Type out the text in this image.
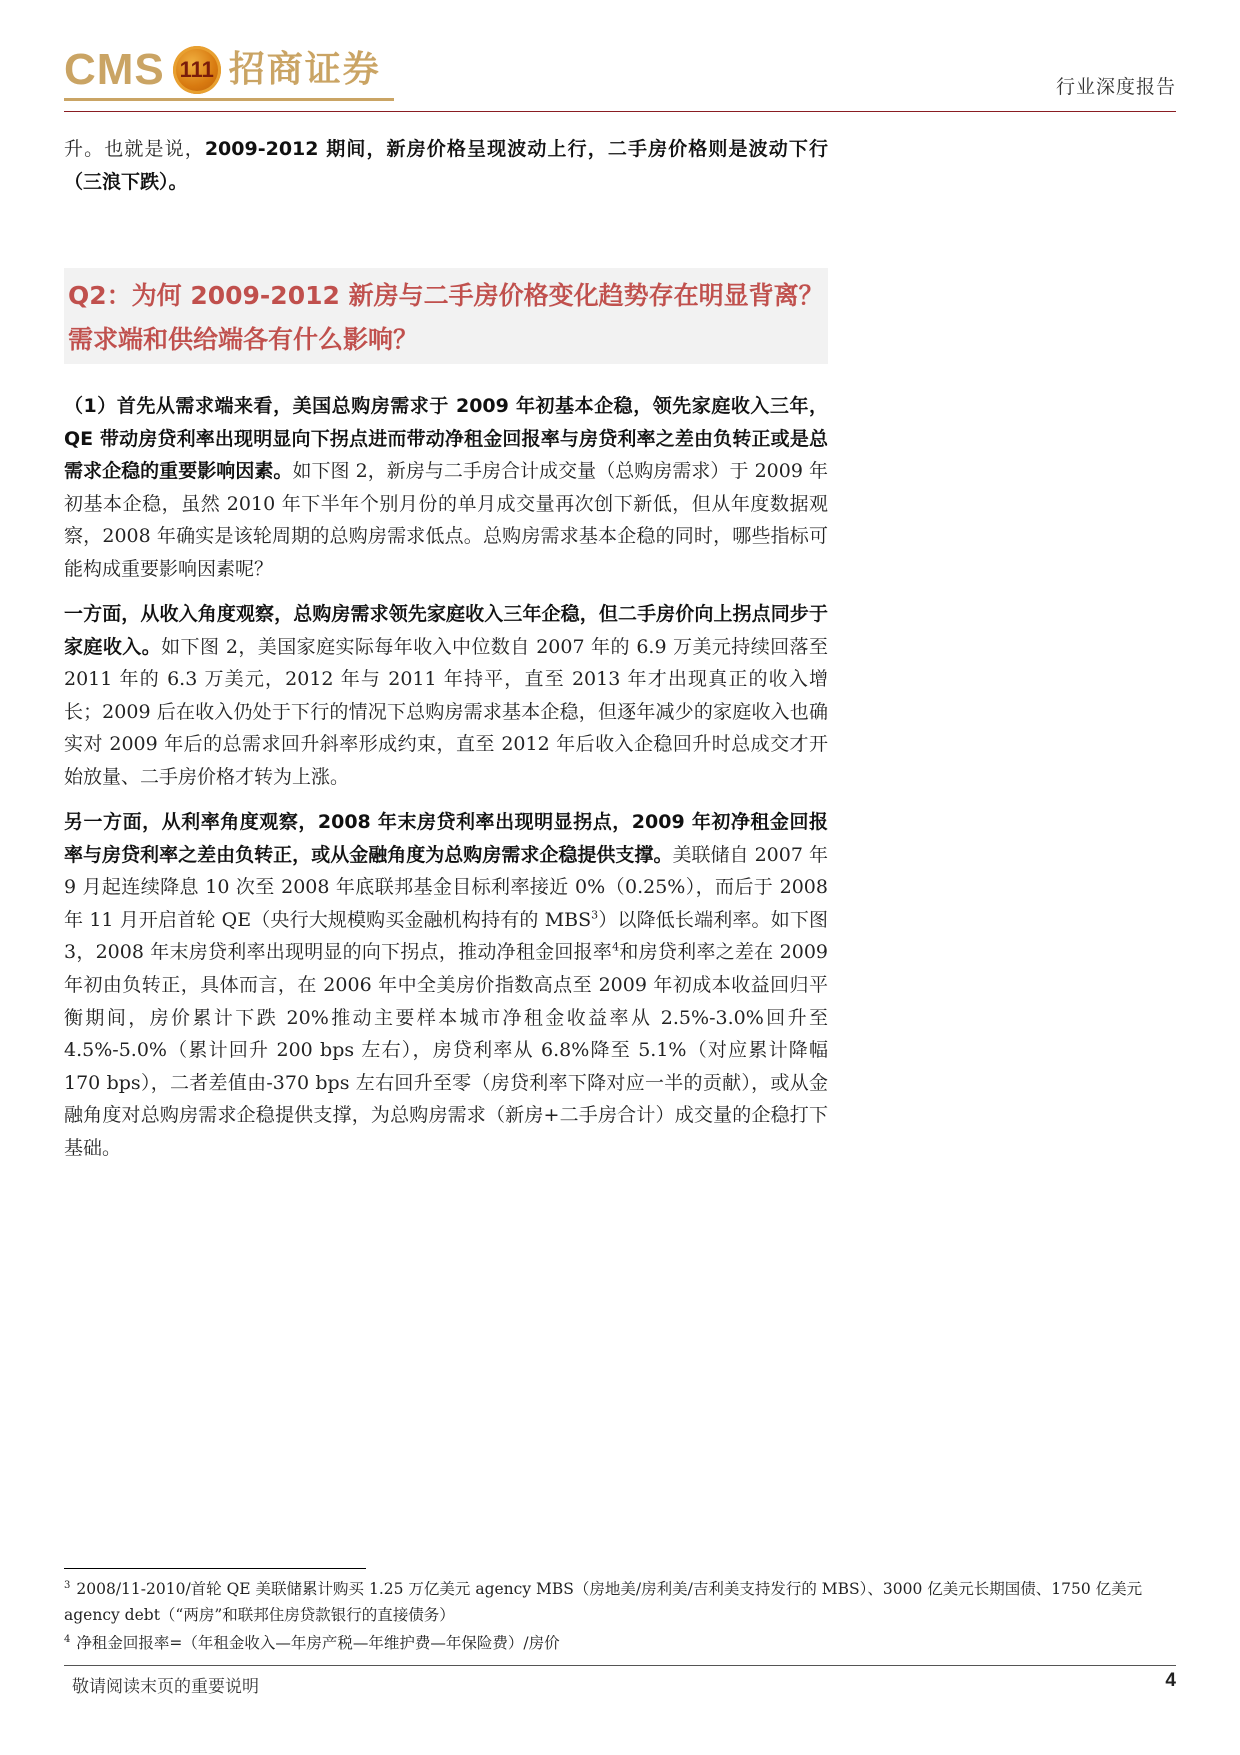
CMS 111 招商证券	行业深度报告

升。也就是说，2009-2012 期间，新房价格呈现波动上行，二手房价格则是波动下行（三浪下跌）。

Q2：为何 2009-2012 新房与二手房价格变化趋势存在明显背离？需求端和供给端各有什么影响？

（1）首先从需求端来看，美国总购房需求于 2009 年初基本企稳，领先家庭收入三年，QE 带动房贷利率出现明显向下拐点进而带动净租金回报率与房贷利率之差由负转正或是总需求企稳的重要影响因素。如下图 2，新房与二手房合计成交量（总购房需求）于 2009 年初基本企稳，虽然 2010 年下半年个别月份的单月成交量再次创下新低，但从年度数据观察，2008 年确实是该轮周期的总购房需求低点。总购房需求基本企稳的同时，哪些指标可能构成重要影响因素呢？

一方面，从收入角度观察，总购房需求领先家庭收入三年企稳，但二手房价向上拐点同步于家庭收入。如下图 2，美国家庭实际每年收入中位数自 2007 年的 6.9 万美元持续回落至 2011 年的 6.3 万美元，2012 年与 2011 年持平，直至 2013 年才出现真正的收入增长；2009 后在收入仍处于下行的情况下总购房需求基本企稳，但逐年减少的家庭收入也确实对 2009 年后的总需求回升斜率形成约束，直至 2012 年后收入企稳回升时总成交才开始放量、二手房价格才转为上涨。

另一方面，从利率角度观察，2008 年末房贷利率出现明显拐点，2009 年初净租金回报率与房贷利率之差由负转正，或从金融角度为总购房需求企稳提供支撑。美联储自 2007 年 9 月起连续降息 10 次至 2008 年底联邦基金目标利率接近 0%（0.25%），而后于 2008 年 11 月开启首轮 QE（央行大规模购买金融机构持有的 MBS$^3$）以降低长端利率。如下图 3，2008 年末房贷利率出现明显的向下拐点，推动净租金回报率$^4$和房贷利率之差在 2009 年初由负转正，具体而言，在 2006 年中全美房价指数高点至 2009 年初成本收益回归平衡期间，房价累计下跌 20%推动主要样本城市净租金收益率从 2.5%-3.0%回升至 4.5%-5.0%（累计回升 200 bps 左右），房贷利率从 6.8%降至 5.1%（对应累计降幅 170 bps），二者差值由-370 bps 左右回升至零（房贷利率下降对应一半的贡献），或从金融角度对总购房需求企稳提供支撑，为总购房需求（新房+二手房合计）成交量的企稳打下基础。

$^3$ 2008/11-2010/首轮 QE 美联储累计购买 1.25 万亿美元 agency MBS（房地美/房利美/吉利美支持发行的 MBS）、3000 亿美元长期国债、1750 亿美元 agency debt（“两房”和联邦住房贷款银行的直接债务）

$^4$ 净租金回报率=（年租金收入—年房产税—年维护费—年保险费）/房价

敬请阅读末页的重要说明	4
